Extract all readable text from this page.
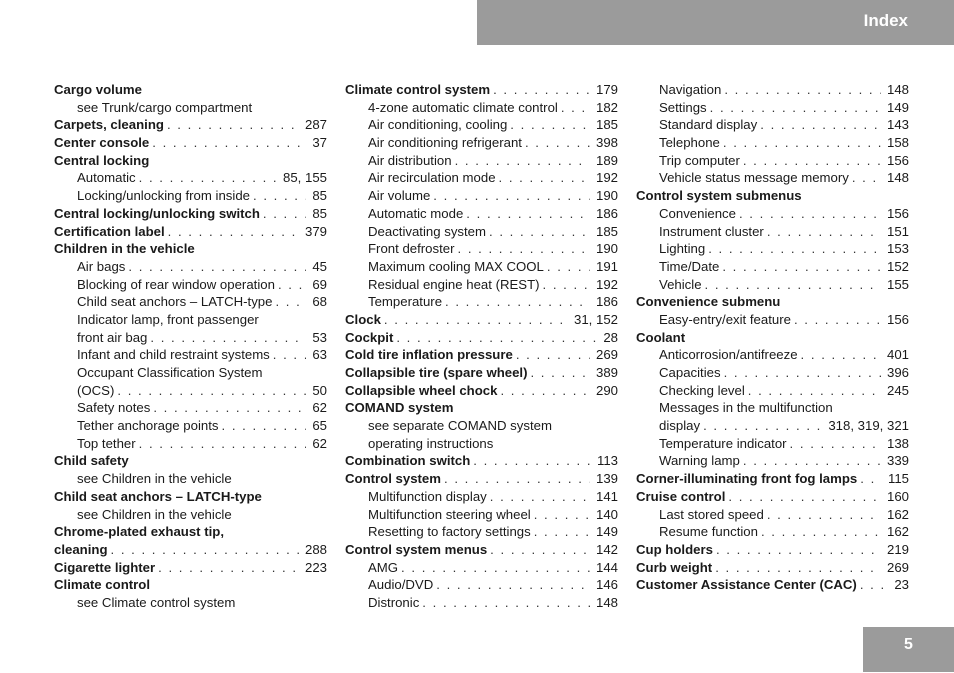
Index
Cargo volume
see Trunk/cargo compartment
Carpets, cleaning . . .	287
Center console . . .	37
Central locking
Automatic . . .	85, 155
Locking/unlocking from inside . . .	85
Central locking/unlocking switch . . .	85
Certification label . . .	379
Children in the vehicle
Air bags . . .	45
Blocking of rear window operation . . .	69
Child seat anchors – LATCH-type . . .	68
Indicator lamp, front passenger
front air bag . . .	53
Infant and child restraint systems . . .	63
Occupant Classification System
(OCS) . . .	50
Safety notes . . .	62
Tether anchorage points . . .	65
Top tether . . .	62
Child safety
see Children in the vehicle
Child seat anchors – LATCH-type
see Children in the vehicle
Chrome-plated exhaust tip,
cleaning . . .	288
Cigarette lighter . . .	223
Climate control
see Climate control system
Climate control system . . .	179
4-zone automatic climate control . . .	182
Air conditioning, cooling . . .	185
Air conditioning refrigerant . . .	398
Air distribution . . .	189
Air recirculation mode . . .	192
Air volume . . .	190
Automatic mode . . .	186
Deactivating system . . .	185
Front defroster . . .	190
Maximum cooling MAX COOL . . .	191
Residual engine heat (REST) . . .	192
Temperature . . .	186
Clock . . .	31, 152
Cockpit . . .	28
Cold tire inflation pressure . . .	269
Collapsible tire (spare wheel) . . .	389
Collapsible wheel chock . . .	290
COMAND system
see separate COMAND system
operating instructions
Combination switch . . .	113
Control system . . .	139
Multifunction display . . .	141
Multifunction steering wheel . . .	140
Resetting to factory settings . . .	149
Control system menus . . .	142
AMG . . .	144
Audio/DVD . . .	146
Distronic . . .	148
Navigation . . .	148
Settings . . .	149
Standard display . . .	143
Telephone . . .	158
Trip computer . . .	156
Vehicle status message memory . . .	148
Control system submenus
Convenience . . .	156
Instrument cluster . . .	151
Lighting . . .	153
Time/Date . . .	152
Vehicle . . .	155
Convenience submenu
Easy-entry/exit feature . . .	156
Coolant
Anticorrosion/antifreeze . . .	401
Capacities . . .	396
Checking level . . .	245
Messages in the multifunction
display . . .	318, 319, 321
Temperature indicator . . .	138
Warning lamp . . .	339
Corner-illuminating front fog lamps . . . 115
Cruise control . . .	160
Last stored speed . . .	162
Resume function . . .	162
Cup holders . . .	219
Curb weight . . .	269
Customer Assistance Center (CAC) . . .	23
5
